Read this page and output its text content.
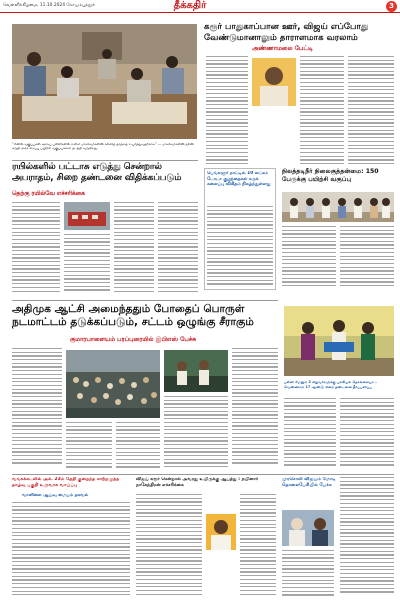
வெள்ளிக்கிழமை, 11.10.2024 கோயம்புத்தூர்	தீக்கதிர்	3
‘‘எனில் வகுப்புகள் அரசுப் பள்ளிகளில் உள்ள மாணவர்களின் கல்வித் தரத்தை உயர்த்துவதற்காக’’ — மாணவர்களின் நலன் கருதி அரசு சிறப்பு பயிற்சி வகுப்புகளை நடத்தி வருகிறது.
கரூர் பாதுகாப்பான ஊர், விஜய் எப்போது வேண்டுமானாலும் தாராளமாக வரலாம்
அண்ணாமலை பேட்டி
ரயில்களில் பட்டாசு எடுத்து சென்றால் அபராதம், சிறை தண்டனை விதிக்கப்படும்
தெற்கு ரயில்வே எச்சரிக்கை
பெங்களூர் நாட்டில் 10 லட்சம் டோடா குழந்தைகள் கருக் கலைப்பு விகிதம் நிகழ்ந்துள்ளது
நிலத்தடிநீர் நிலைகுத்தன்மை: 150 பேருக்கு பயிற்சி வகுப்பு
அதிமுக ஆட்சி அமைந்ததும் போதைப் பொருள் நடமாட்டம் தடுக்கப்படும், சட்டம் ஒழுங்கு சீராகும்
குமாரபாளையம் பரப்புரையில் இபிஎஸ் பேச்சு
பள்ளி மேலும் 2 சிறுவர்களுக்கு பாலியல் தொல்லையா – வெண்ணாம் 17 ஆண்டு சிறை தண்டனை தீர்ப்பளிப்பு
வங்கக்கடலில் அக். 23ம் தேதி குறைந்த காற்றழுத்த தாழ்வு பகுதி உருவாக வாய்ப்பு
வானிலை ஆய்வு மையம் தகவல்
விஜய் கரூர் சென்றால் அவரது உயிருக்கு ஆபத்து : நயினார் நாகேந்திரன் எச்சரிக்கை
முரசொலி விஜயம் மோடி தொலைபேசியில் பேச்சு
